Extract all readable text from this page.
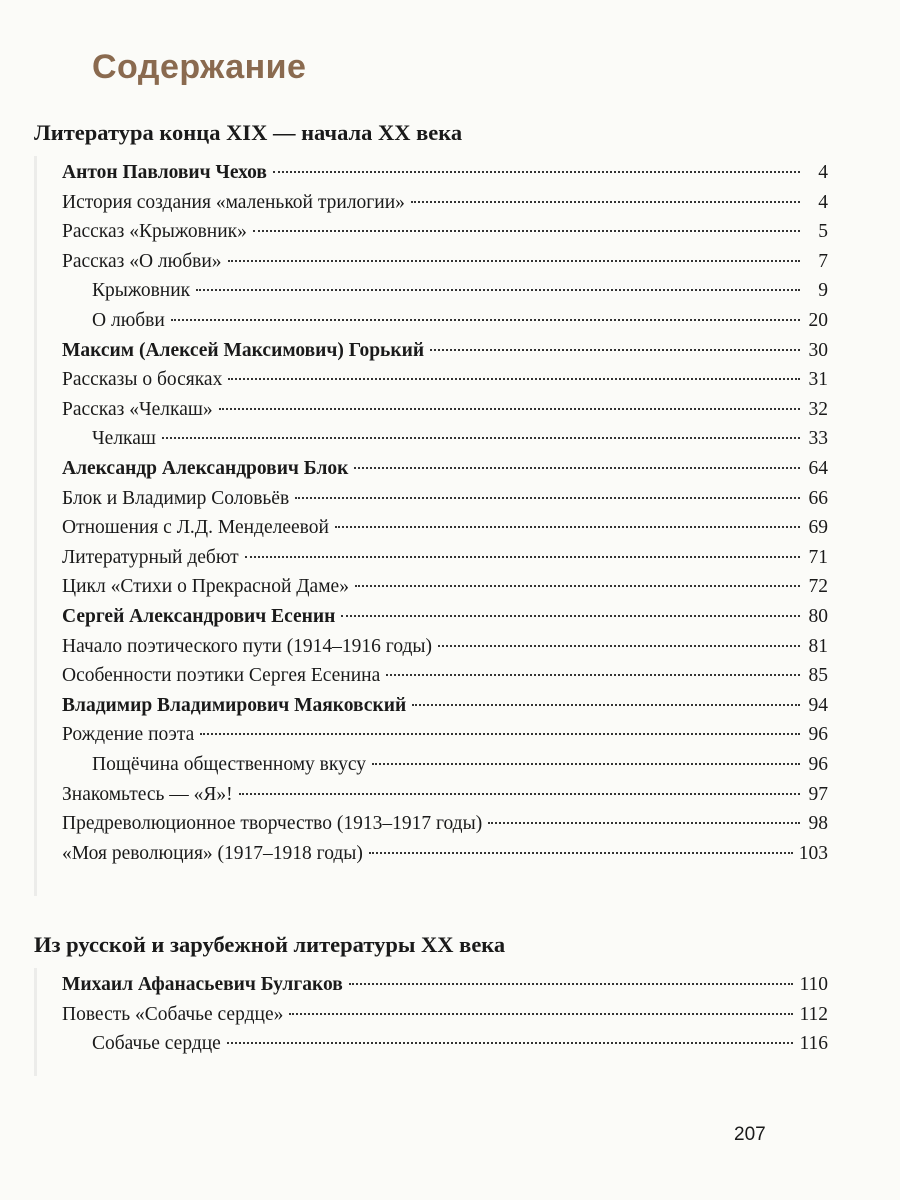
Содержание
Литература конца XIX — начала XX века
Из русской и зарубежной литературы XX века
Антон Павлович Чехов	4
История создания «маленькой трилогии»	4
Рассказ «Крыжовник»	5
Рассказ «О любви»	7
Крыжовник	9
О любви	20
Максим (Алексей Максимович) Горький	30
Рассказы о босяках	31
Рассказ «Челкаш»	32
Челкаш	33
Александр Александрович Блок	64
Блок и Владимир Соловьёв	66
Отношения с Л.Д. Менделеевой	69
Литературный дебют	71
Цикл «Стихи о Прекрасной Даме»	72
Сергей Александрович Есенин	80
Начало поэтического пути (1914–1916 годы)	81
Особенности поэтики Сергея Есенина	85
Владимир Владимирович Маяковский	94
Рождение поэта	96
Пощёчина общественному вкусу	96
Знакомьтесь — «Я»!	97
Предреволюционное творчество (1913–1917 годы)	98
«Моя революция» (1917–1918 годы)	103
Михаил Афанасьевич Булгаков	110
Повесть «Собачье сердце»	112
Собачье сердце	116
207
